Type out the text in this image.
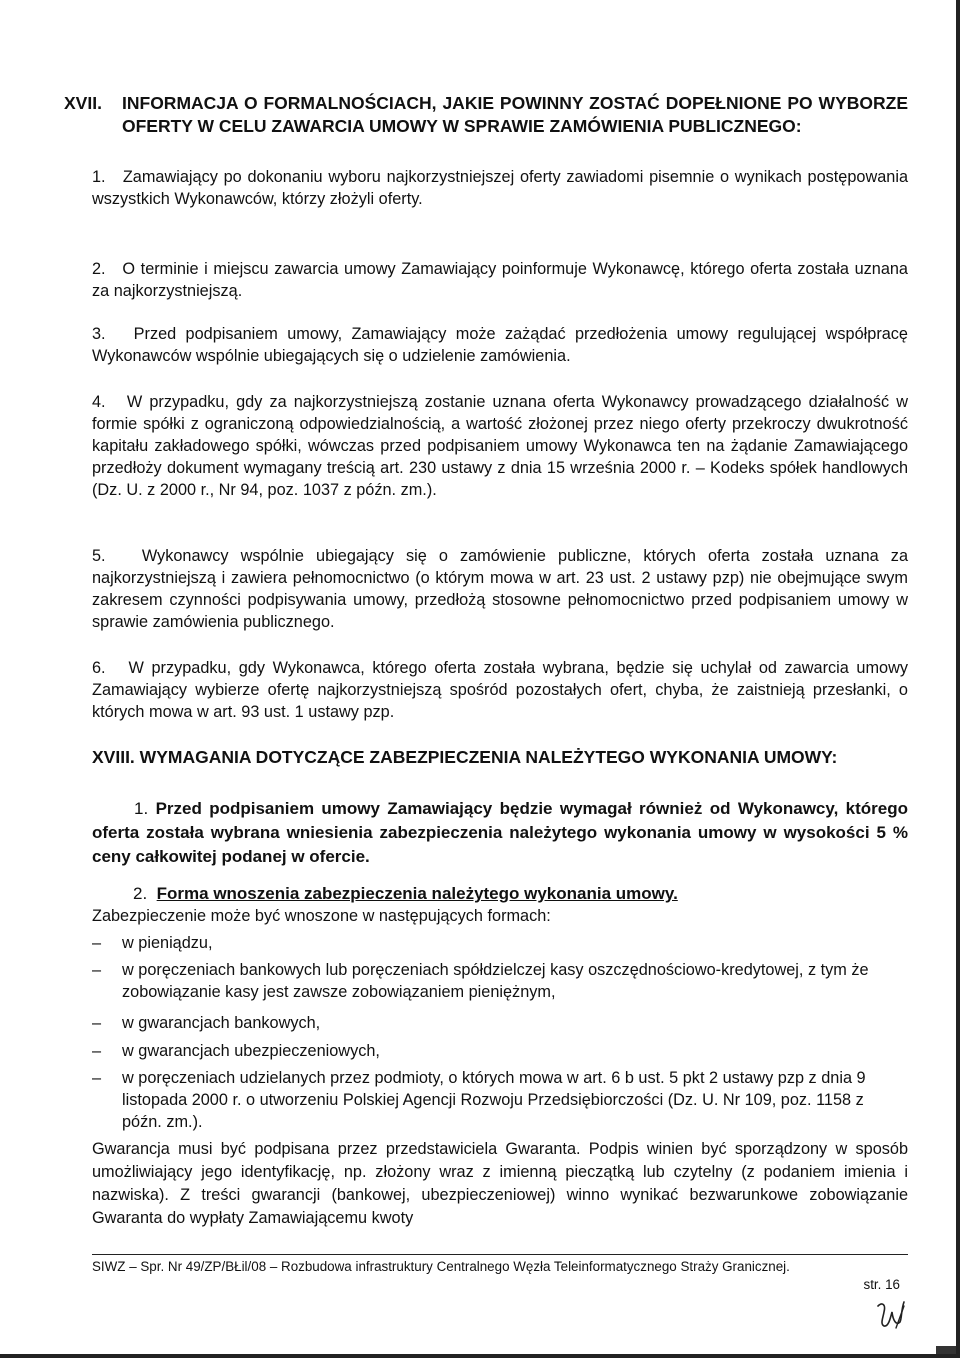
XVII.	INFORMACJA O FORMALNOŚCIACH, JAKIE POWINNY ZOSTAĆ DOPEŁNIONE PO WYBORZE OFERTY W CELU ZAWARCIA UMOWY W SPRAWIE ZAMÓWIENIA PUBLICZNEGO:
1. Zamawiający po dokonaniu wyboru najkorzystniejszej oferty zawiadomi pisemnie o wynikach postępowania wszystkich Wykonawców, którzy złożyli oferty.
2. O terminie i miejscu zawarcia umowy Zamawiający poinformuje Wykonawcę, którego oferta została uznana za najkorzystniejszą.
3. Przed podpisaniem umowy, Zamawiający może zażądać przedłożenia umowy regulującej współpracę Wykonawców wspólnie ubiegających się o udzielenie zamówienia.
4. W przypadku, gdy za najkorzystniejszą zostanie uznana oferta Wykonawcy prowadzącego działalność w formie spółki z ograniczoną odpowiedzialnością, a wartość złożonej przez niego oferty przekroczy dwukrotność kapitału zakładowego spółki, wówczas przed podpisaniem umowy Wykonawca ten na żądanie Zamawiającego przedłoży dokument wymagany treścią art. 230 ustawy z dnia 15 września 2000 r. – Kodeks spółek handlowych (Dz. U. z 2000 r., Nr 94, poz. 1037 z późn. zm.).
5. Wykonawcy wspólnie ubiegający się o zamówienie publiczne, których oferta została uznana za najkorzystniejszą i zawiera pełnomocnictwo (o którym mowa w art. 23 ust. 2 ustawy pzp) nie obejmujące swym zakresem czynności podpisywania umowy, przedłożą stosowne pełnomocnictwo przed podpisaniem umowy w sprawie zamówienia publicznego.
6. W przypadku, gdy Wykonawca, którego oferta została wybrana, będzie się uchylał od zawarcia umowy Zamawiający wybierze ofertę najkorzystniejszą spośród pozostałych ofert, chyba, że zaistnieją przesłanki, o których mowa w art. 93 ust. 1 ustawy pzp.
XVIII. WYMAGANIA DOTYCZĄCE ZABEZPIECZENIA NALEŻYTEGO WYKONANIA UMOWY:
1. Przed podpisaniem umowy Zamawiający będzie wymagał również od Wykonawcy, którego oferta została wybrana wniesienia zabezpieczenia należytego wykonania umowy w wysokości 5 % ceny całkowitej podanej w ofercie.
2. Forma wnoszenia zabezpieczenia należytego wykonania umowy.
Zabezpieczenie może być wnoszone w następujących formach:
–	w pieniądzu,
–	w poręczeniach bankowych lub poręczeniach spółdzielczej kasy oszczędnościowo-kredytowej, z tym że zobowiązanie kasy jest zawsze zobowiązaniem pieniężnym,
–	w gwarancjach bankowych,
–	w gwarancjach ubezpieczeniowych,
–	w poręczeniach udzielanych przez podmioty, o których mowa w art. 6 b ust. 5 pkt 2 ustawy pzp z dnia 9 listopada 2000 r. o utworzeniu Polskiej Agencji Rozwoju Przedsiębiorczości (Dz. U. Nr 109, poz. 1158 z późn. zm.).
Gwarancja musi być podpisana przez przedstawiciela Gwaranta. Podpis winien być sporządzony w sposób umożliwiający jego identyfikację, np. złożony wraz z imienną pieczątką lub czytelny (z podaniem imienia i nazwiska). Z treści gwarancji (bankowej, ubezpieczeniowej) winno wynikać bezwarunkowe zobowiązanie Gwaranta do wypłaty Zamawiającemu kwoty
SIWZ – Spr. Nr 49/ZP/BŁil/08 – Rozbudowa infrastruktury Centralnego Węzła Teleinformatycznego Straży Granicznej.
str. 16
